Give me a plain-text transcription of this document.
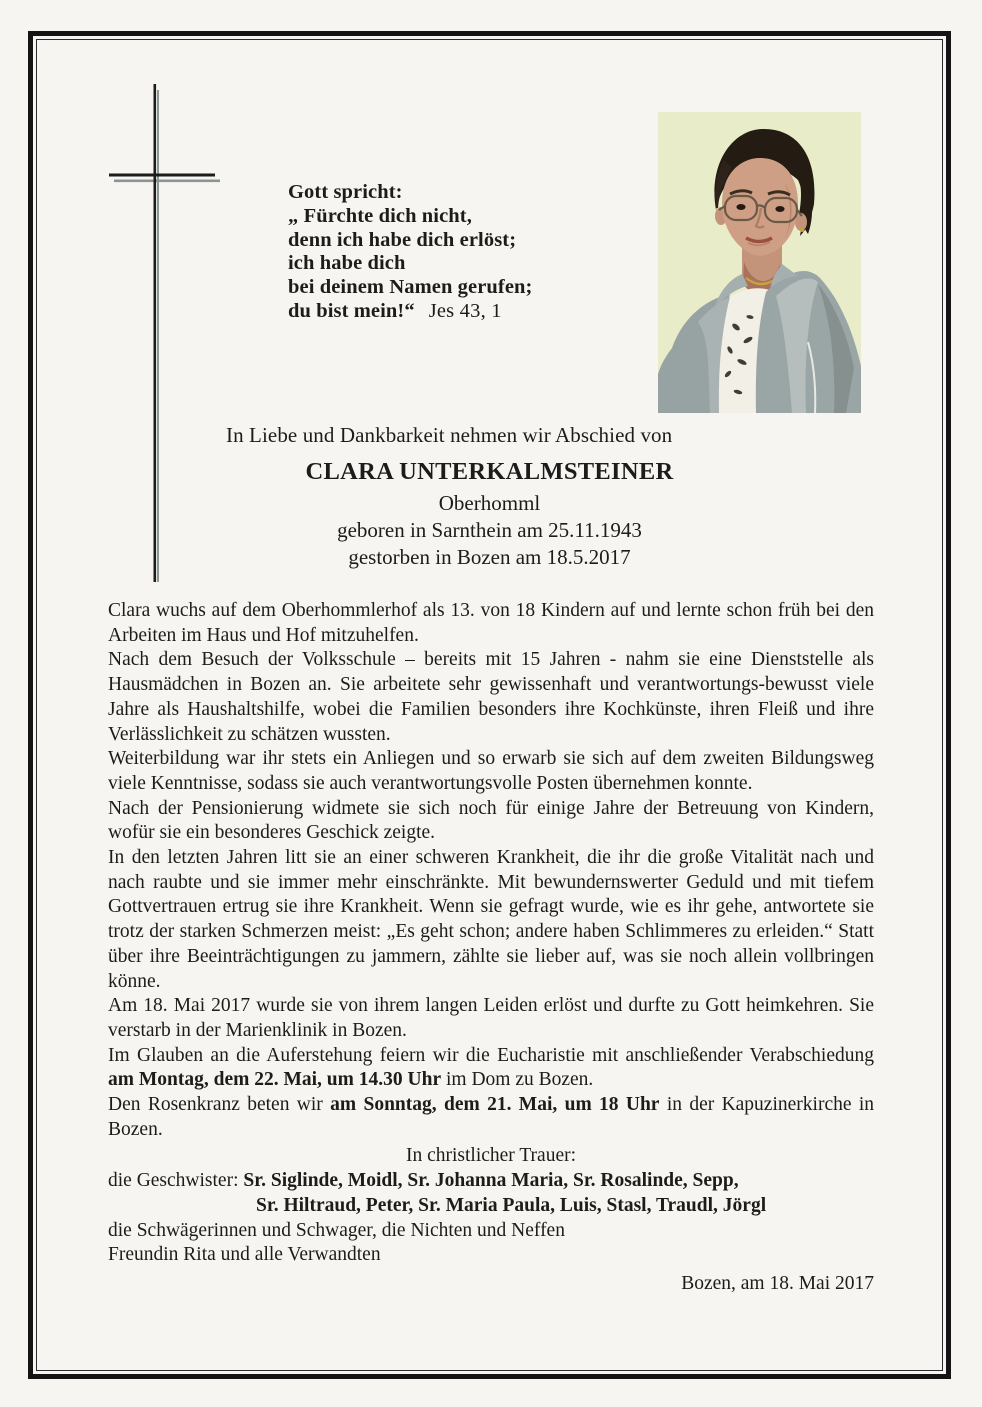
Gott spricht:
„ Fürchte dich nicht,
denn ich habe dich erlöst;
ich habe dich
bei deinem Namen gerufen;
du bist mein!“ Jes 43, 1
In Liebe und Dankbarkeit nehmen wir Abschied von
CLARA UNTERKALMSTEINER
Oberhomml
geboren in Sarnthein am 25.11.1943
gestorben in Bozen am 18.5.2017

Clara wuchs auf dem Oberhommlerhof als 13. von 18 Kindern auf und lernte schon früh bei den Arbeiten im Haus und Hof mitzuhelfen.

Nach dem Besuch der Volksschule – bereits mit 15 Jahren - nahm sie eine Dienststelle als Hausmädchen in Bozen an. Sie arbeitete sehr gewissenhaft und verantwortungs-bewusst viele Jahre als Haushaltshilfe, wobei die Familien besonders ihre Kochkünste, ihren Fleiß und ihre Verlässlichkeit zu schätzen wussten.

Weiterbildung war ihr stets ein Anliegen und so erwarb sie sich auf dem zweiten Bildungsweg viele Kenntnisse, sodass sie auch verantwortungsvolle Posten übernehmen konnte.

Nach der Pensionierung widmete sie sich noch für einige Jahre der Betreuung von Kindern, wofür sie ein besonderes Geschick zeigte.

In den letzten Jahren litt sie an einer schweren Krankheit, die ihr die große Vitalität nach und nach raubte und sie immer mehr einschränkte. Mit bewundernswerter Geduld und mit tiefem Gottvertrauen ertrug sie ihre Krankheit. Wenn sie gefragt wurde, wie es ihr gehe, antwortete sie trotz der starken Schmerzen meist: „Es geht schon; andere haben Schlimmeres zu erleiden.“ Statt über ihre Beeinträchtigungen zu jammern, zählte sie lieber auf, was sie noch allein vollbringen könne.

Am 18. Mai 2017 wurde sie von ihrem langen Leiden erlöst und durfte zu Gott heimkehren. Sie verstarb in der Marienklinik in Bozen.

Im Glauben an die Auferstehung feiern wir die Eucharistie mit anschließender Verabschiedung am Montag, dem 22. Mai, um 14.30 Uhr im Dom zu Bozen.

Den Rosenkranz beten wir am Sonntag, dem 21. Mai, um 18 Uhr in der Kapuzinerkirche in Bozen.

In christlicher Trauer:
die Geschwister: Sr. Siglinde, Moidl, Sr. Johanna Maria, Sr. Rosalinde, Sepp,
Sr. Hiltraud, Peter, Sr. Maria Paula, Luis, Stasl, Traudl, Jörgl
die Schwägerinnen und Schwager, die Nichten und Neffen
Freundin Rita und alle Verwandten
Bozen, am 18. Mai 2017
